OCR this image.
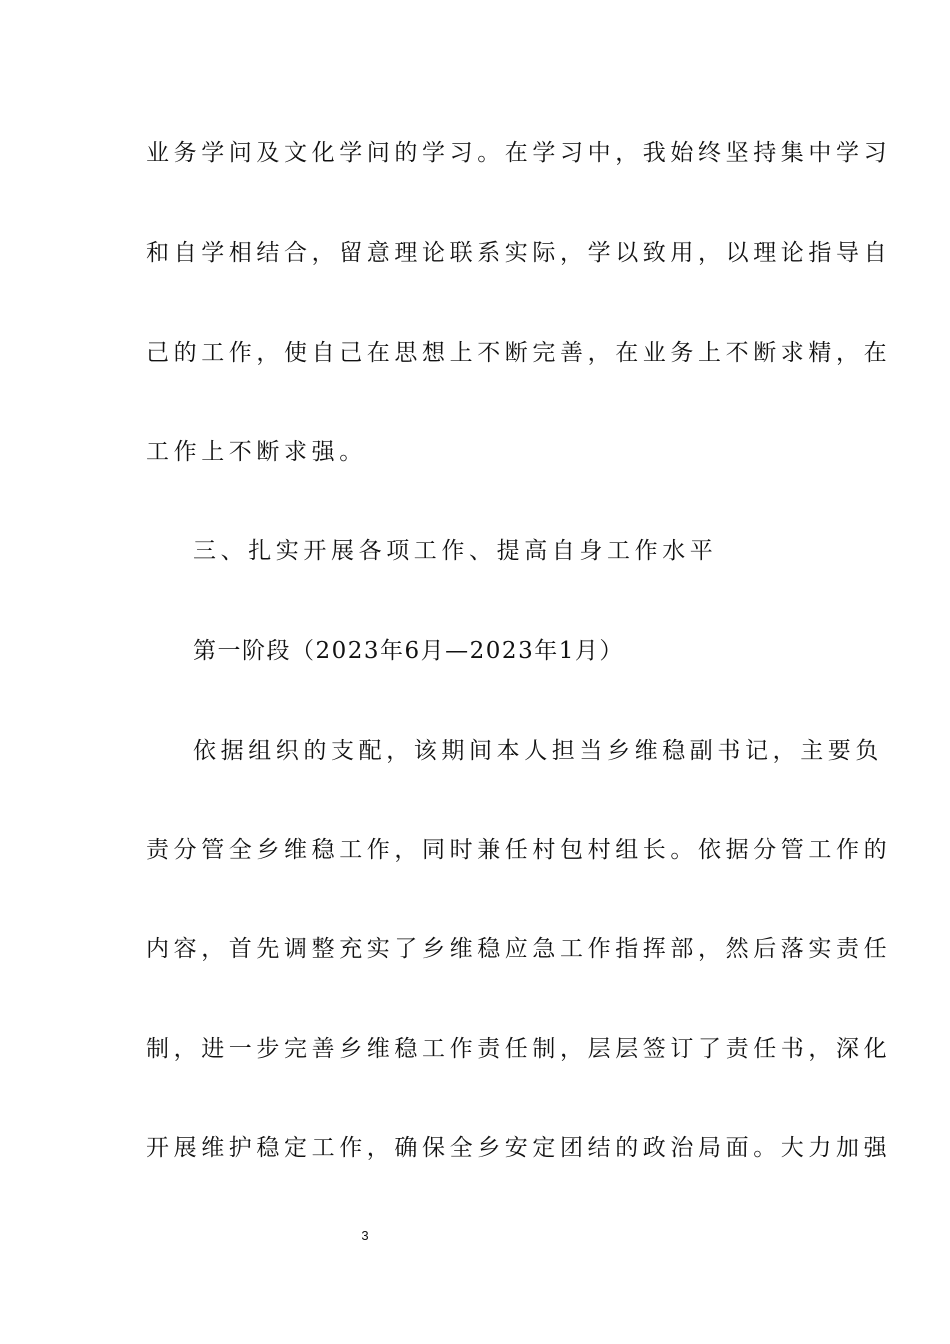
业务学问及文化学问的学习。在学习中，我始终坚持集中学习
和自学相结合，留意理论联系实际，学以致用，以理论指导自
己的工作，使自己在思想上不断完善，在业务上不断求精，在
工作上不断求强。
三、扎实开展各项工作、提高自身工作水平
第一阶段（2023年6月—2023年1月）
依据组织的支配，该期间本人担当乡维稳副书记，主要负
责分管全乡维稳工作，同时兼任村包村组长。依据分管工作的
内容，首先调整充实了乡维稳应急工作指挥部，然后落实责任
制，进一步完善乡维稳工作责任制，层层签订了责任书，深化
开展维护稳定工作，确保全乡安定团结的政治局面。大力加强
3
